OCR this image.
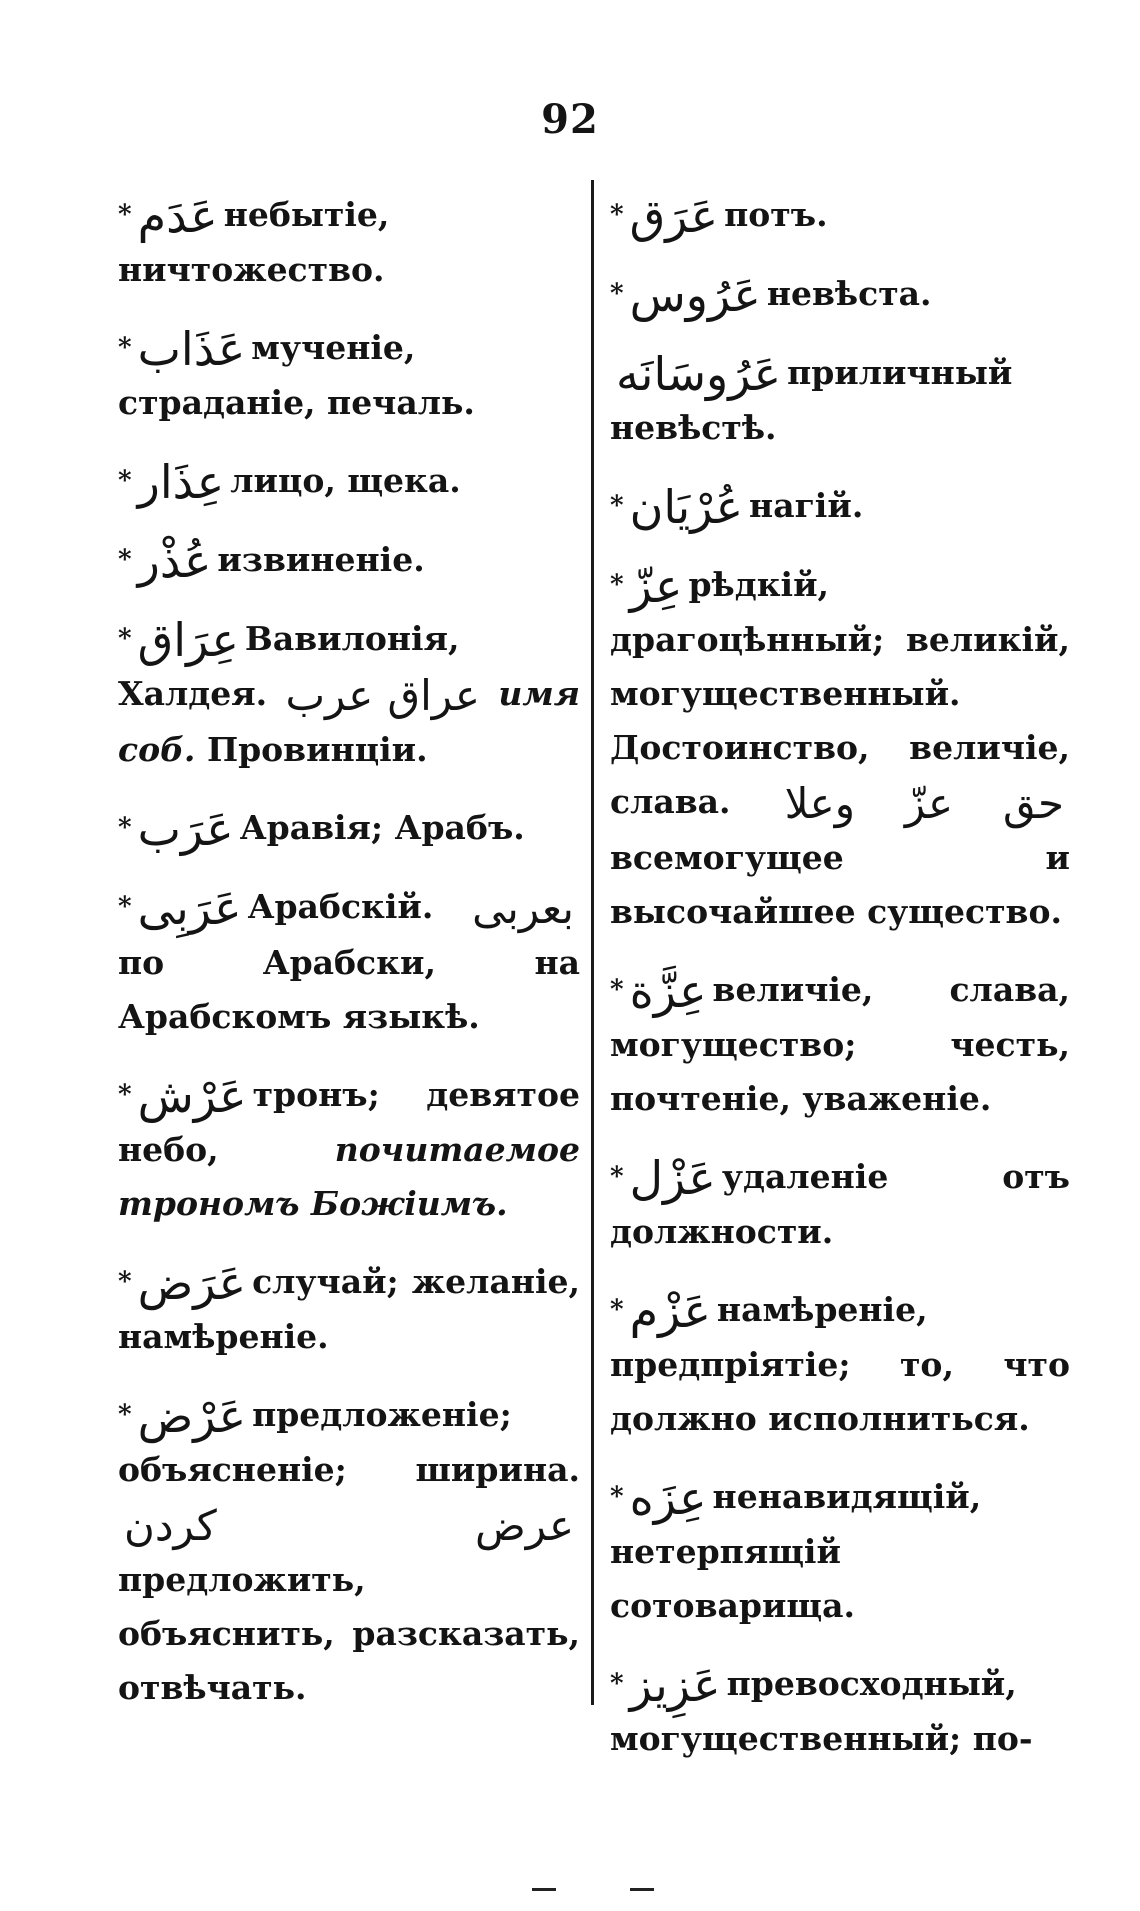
92
* عَدَم небытіе, ничтожество.
* عَذَاب мученіе, страданіе, печаль.
* عِذَار лицо, щека.
* عُذْر извиненіе.
* عِرَاق Вавилонія, Халдея. عراق عرب имя соб. Провинціи.
* عَرَب Аравія; Арабъ.
* عَرَبِى Арабскій. بعربى по Арабски, на Арабскомъ языкѣ.
* عَرْش тронъ; девятое небо,	почитаемое трономъ Божіимъ.
* عَرَض случай; желаніе, намѣреніе.
* عَرْض предложеніе; объясненіе; ширина. عرض كردن предложить, объяснить, разсказать, отвѣчать.
* عَرَق потъ.
* عَرُوس невѣста.
عَرُوسَانَه приличный невѣстѣ.
* عُرْيَان нагій.
* عِزّ рѣдкій, драгоцѣнный; великій, могущественный. Достоинство, величіе, слава. حق عزّ وعلا всемогущее и высочайшее существо.
* عِزَّة величіе, слава, могущество; честь, почтеніе, уваженіе.
* عَزْل удаленіе отъ должности.
* عَزْم намѣреніе, предпріятіе; то, что должно исполниться.
* عِزَه ненавидящій, нетерпящій сотоварища.
* عَزِيز превосходный, могущественный; по-
